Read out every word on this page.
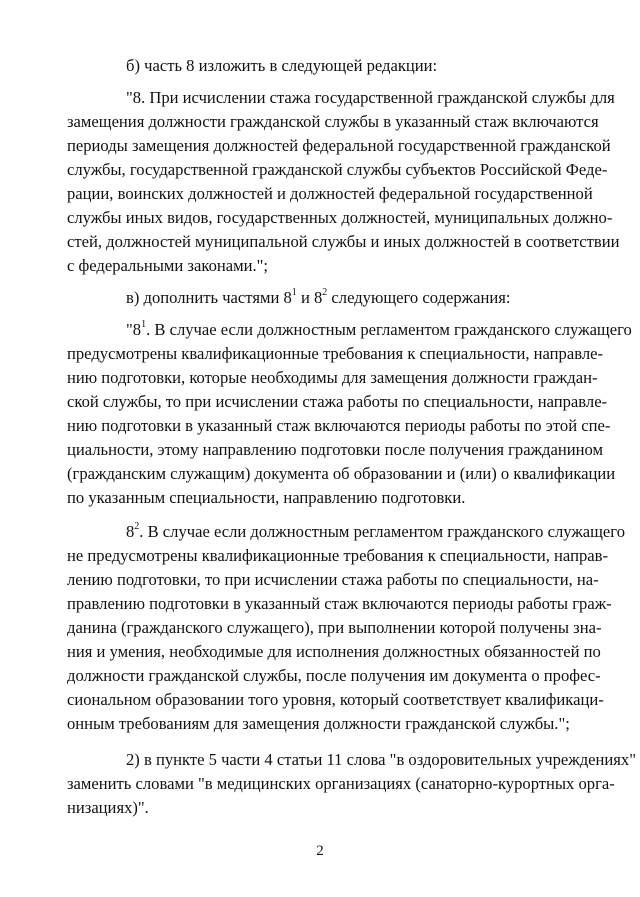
б) часть 8 изложить в следующей редакции:
"8. При исчислении стажа государственной гражданской службы для
замещения должности гражданской службы в указанный стаж включаются
периоды замещения должностей федеральной государственной гражданской
службы, государственной гражданской службы субъектов Российской Феде-
рации, воинских должностей и должностей федеральной государственной
службы иных видов, государственных должностей, муниципальных должно-
стей, должностей муниципальной службы и иных должностей в соответствии
с федеральными законами.";
в) дополнить частями $8^1$ и $8^2$ следующего содержания:
"$8^1$. В случае если должностным регламентом гражданского служащего
предусмотрены квалификационные требования к специальности, направле-
нию подготовки, которые необходимы для замещения должности граждан-
ской службы, то при исчислении стажа работы по специальности, направле-
нию подготовки в указанный стаж включаются периоды работы по этой спе-
циальности, этому направлению подготовки после получения гражданином
(гражданским служащим) документа об образовании и (или) о квалификации
по указанным специальности, направлению подготовки.
$8^2$. В случае если должностным регламентом гражданского служащего
не предусмотрены квалификационные требования к специальности, направ-
лению подготовки, то при исчислении стажа работы по специальности, на-
правлению подготовки в указанный стаж включаются периоды работы граж-
данина (гражданского служащего), при выполнении которой получены зна-
ния и умения, необходимые для исполнения должностных обязанностей по
должности гражданской службы, после получения им документа о профес-
сиональном образовании того уровня, который соответствует квалификаци-
онным требованиям для замещения должности гражданской службы.";
2) в пункте 5 части 4 статьи 11 слова "в оздоровительных учреждениях"
заменить словами "в медицинских организациях (санаторно-курортных орга-
низациях)".
2
